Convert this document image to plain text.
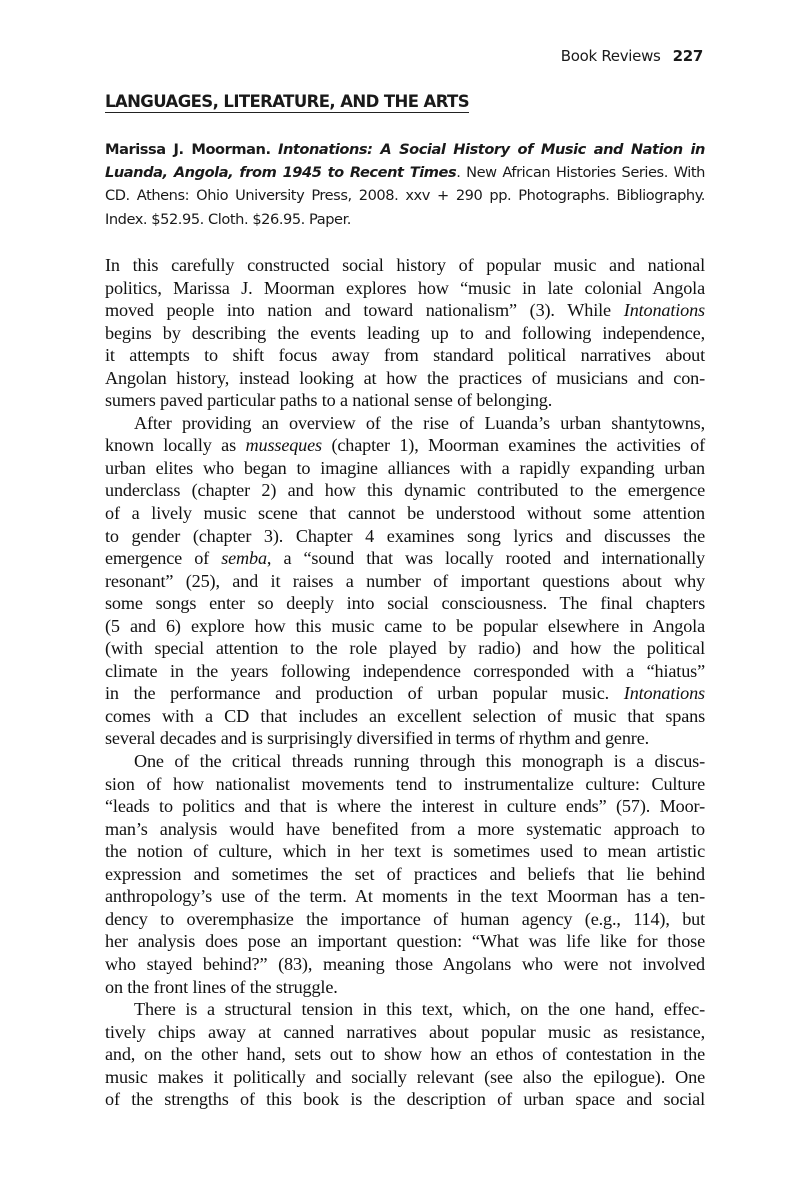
Book Reviews 227
LANGUAGES, LITERATURE, AND THE ARTS
Marissa J. Moorman. Intonations: A Social History of Music and Nation in
Luanda, Angola, from 1945 to Recent Times. New African Histories Series. With
CD. Athens: Ohio University Press, 2008. xxv + 290 pp. Photographs. Bibliography.
Index. $52.95. Cloth. $26.95. Paper.
In this carefully constructed social history of popular music and national
politics, Marissa J. Moorman explores how “music in late colonial Angola
moved people into nation and toward nationalism” (3). While Intonations
begins by describing the events leading up to and following independence,
it attempts to shift focus away from standard political narratives about
Angolan history, instead looking at how the practices of musicians and con-
sumers paved particular paths to a national sense of belonging.
After providing an overview of the rise of Luanda’s urban shantytowns,
known locally as musseques (chapter 1), Moorman examines the activities of
urban elites who began to imagine alliances with a rapidly expanding urban
underclass (chapter 2) and how this dynamic contributed to the emergence
of a lively music scene that cannot be understood without some attention
to gender (chapter 3). Chapter 4 examines song lyrics and discusses the
emergence of semba, a “sound that was locally rooted and internationally
resonant” (25), and it raises a number of important questions about why
some songs enter so deeply into social consciousness. The final chapters
(5 and 6) explore how this music came to be popular elsewhere in Angola
(with special attention to the role played by radio) and how the political
climate in the years following independence corresponded with a “hiatus”
in the performance and production of urban popular music. Intonations
comes with a CD that includes an excellent selection of music that spans
several decades and is surprisingly diversified in terms of rhythm and genre.
One of the critical threads running through this monograph is a discus-
sion of how nationalist movements tend to instrumentalize culture: Culture
“leads to politics and that is where the interest in culture ends” (57). Moor-
man’s analysis would have benefited from a more systematic approach to
the notion of culture, which in her text is sometimes used to mean artistic
expression and sometimes the set of practices and beliefs that lie behind
anthropology’s use of the term. At moments in the text Moorman has a ten-
dency to overemphasize the importance of human agency (e.g., 114), but
her analysis does pose an important question: “What was life like for those
who stayed behind?” (83), meaning those Angolans who were not involved
on the front lines of the struggle.
There is a structural tension in this text, which, on the one hand, effec-
tively chips away at canned narratives about popular music as resistance,
and, on the other hand, sets out to show how an ethos of contestation in the
music makes it politically and socially relevant (see also the epilogue). One
of the strengths of this book is the description of urban space and social
